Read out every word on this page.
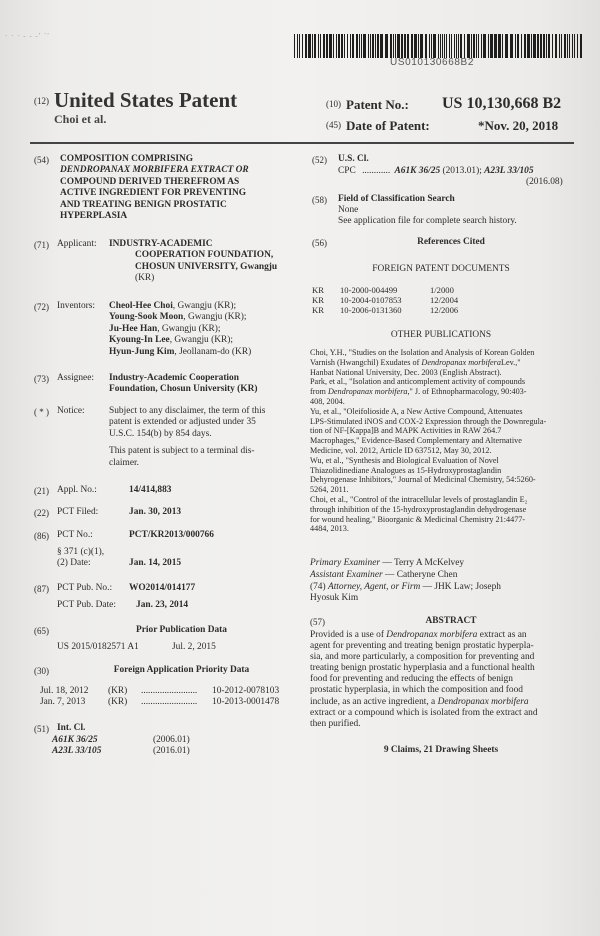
· · · - ‐ ‐′ ´′
US010130668B2
(12) United States Patent
Choi et al.
(10) Patent No.: US 10,130,668 B2
(45) Date of Patent:	*Nov. 20, 2018
(54) COMPOSITION COMPRISING
DENDROPANAX MORBIFERA EXTRACT OR
COMPOUND DERIVED THEREFROM AS
ACTIVE INGREDIENT FOR PREVENTING
AND TREATING BENIGN PROSTATIC
HYPERPLASIA
(71) Applicant: INDUSTRY-ACADEMIC
COOPERATION FOUNDATION,
CHOSUN UNIVERSITY, Gwangju
(KR)
(72) Inventors: Cheol-Hee Choi, Gwangju (KR);
Young-Sook Moon, Gwangju (KR);
Ju-Hee Han, Gwangju (KR);
Kyoung-In Lee, Gwangju (KR);
Hyun-Jung Kim, Jeollanam-do (KR)
(73) Assignee: Industry-Academic Cooperation
Foundation, Chosun University (KR)
( * ) Notice:	Subject to any disclaimer, the term of this
patent is extended or adjusted under 35
U.S.C. 154(b) by 854 days.
This patent is subject to a terminal dis-
claimer.
(21) Appl. No.:	14/414,883
(22) PCT Filed:	Jan. 30, 2013
(86) PCT No.:	PCT/KR2013/000766
§ 371 (c)(1),
(2) Date:	Jan. 14, 2015
(87) PCT Pub. No.: WO2014/014177
PCT Pub. Date: Jan. 23, 2014
(65)	Prior Publication Data
US 2015/0182571 A1	Jul. 2, 2015
(30)	Foreign Application Priority Data
Jul. 18, 2012 (KR) ........................ 10-2012-0078103
Jan. 7, 2013 (KR) ........................ 10-2013-0001478
(51) Int. Cl.
A61K 36/25	(2006.01)
A23L 33/105	(2016.01)
(52) U.S. Cl.
CPC ............ A61K 36/25 (2013.01); A23L 33/105
(2016.08)
(58) Field of Classification Search
None
See application file for complete search history.
(56)	References Cited
FOREIGN PATENT DOCUMENTS
KR 10-2000-004499	1/2000
KR 10-2004-0107853	12/2004
KR 10-2006-0131360	12/2006
OTHER PUBLICATIONS
Choi, Y.H., "Studies on the Isolation and Analysis of Korean Golden
Varnish (Hwangchil) Exudates of Dendropanax morbiferaLev.,"
Hanbat National University, Dec. 2003 (English Abstract).
Park, et al., "Isolation and anticomplement activity of compounds
from Dendropanax morbifera," J. of Ethnopharmacology, 90:403-
408, 2004.
Yu, et al., "Oleifolioside A, a New Active Compound, Attenuates
LPS-Stimulated iNOS and COX-2 Expression through the Downregula-
tion of NF-[Kappa]B and MAPK Activities in RAW 264.7
Macrophages," Evidence-Based Complementary and Alternative
Medicine, vol. 2012, Article ID 637512, May 30, 2012.
Wu, et al., "Synthesis and Biological Evaluation of Novel
Thiazolidinediane Analogues as 15-Hydroxyprostaglandin
Dehyrogenase Inhibitors," Journal of Medicinal Chemistry, 54:5260-
5264, 2011.
Choi, et al., "Control of the intracellular levels of prostaglandin E₂
through inhibition of the 15-hydroxyprostaglandin dehydrogenase
for wound healing," Bioorganic & Medicinal Chemistry 21:4477-
4484, 2013.
Primary Examiner — Terry A McKelvey
Assistant Examiner — Catheryne Chen
(74) Attorney, Agent, or Firm — JHK Law; Joseph
Hyosuk Kim
(57)	ABSTRACT
Provided is a use of Dendropanax morbifera extract as an
agent for preventing and treating benign prostatic hyperpla-
sia, and more particularly, a composition for preventing and
treating benign prostatic hyperplasia and a functional health
food for preventing and reducing the effects of benign
prostatic hyperplasia, in which the composition and food
include, as an active ingredient, a Dendropanax morbifera
extract or a compound which is isolated from the extract and
then purified.
9 Claims, 21 Drawing Sheets
